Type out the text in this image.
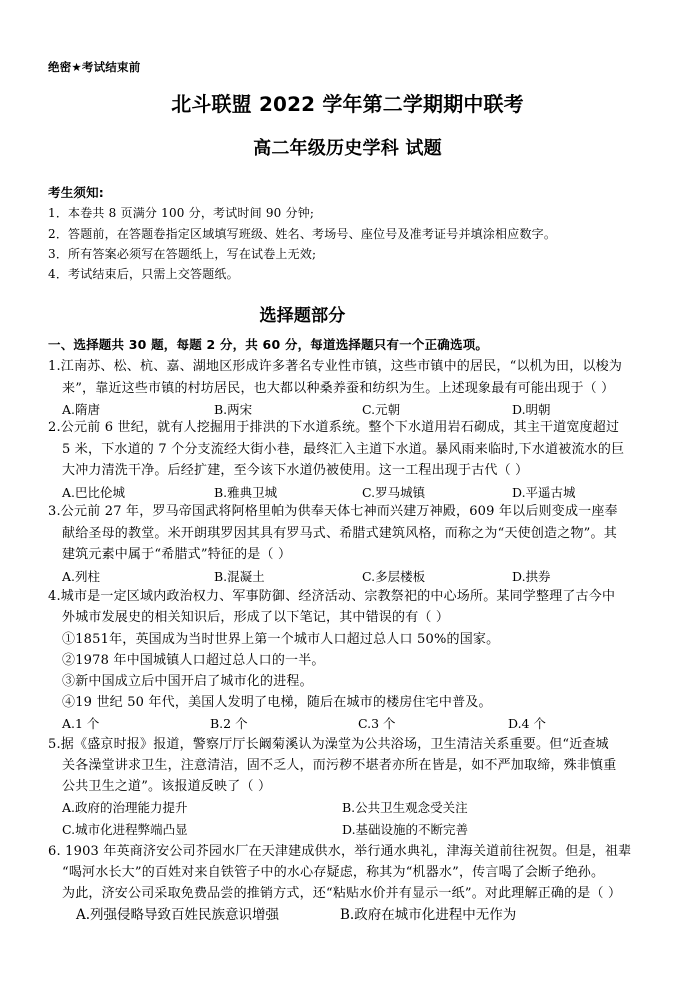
绝密★考试结束前
北斗联盟 2022 学年第二学期期中联考
高二年级历史学科 试题
考生须知:
1．本卷共 8 页满分 100 分，考试时间 90 分钟;
2．答题前，在答题卷指定区域填写班级、姓名、考场号、座位号及准考证号并填涂相应数字。
3．所有答案必须写在答题纸上，写在试卷上无效;
4．考试结束后，只需上交答题纸。
选择题部分
一、选择题共 30 题，每题 2 分，共 60 分，每道选择题只有一个正确选项。
1.江南苏、松、杭、嘉、湖地区形成许多著名专业性市镇，这些市镇中的居民，“以机为田，以梭为
来”，靠近这些市镇的村坊居民，也大都以种桑养蚕和纺织为生。上述现象最有可能出现于（ ）
A.隋唐	B.两宋	C.元朝	D.明朝
2.公元前 6 世纪，就有人挖掘用于排洪的下水道系统。整个下水道用岩石砌成，其主干道宽度超过
5 米，下水道的 7 个分支流经大街小巷，最终汇入主道下水道。暴风雨来临时,下水道被流水的巨
大冲力清洗干净。后经扩建，至今该下水道仍被使用。这一工程出现于古代（ ）
A.巴比伦城	B.雅典卫城	C.罗马城镇	D.平遥古城
3.公元前 27 年，罗马帝国武将阿格里帕为供奉天体七神而兴建万神殿，609 年以后则变成一座奉
献给圣母的教堂。米开朗琪罗因其具有罗马式、希腊式建筑风格，而称之为“天使创造之物”。其
建筑元素中属于“希腊式”特征的是（ ）
A.列柱	B.混凝土	C.多层楼板	D.拱券
4.城市是一定区域内政治权力、军事防御、经济活动、宗教祭祀的中心场所。某同学整理了古今中
外城市发展史的相关知识后，形成了以下笔记，其中错误的有（ ）
①1851年，英国成为当时世界上第一个城市人口超过总人口 50%的国家。
②1978 年中国城镇人口超过总人口的一半。
③新中国成立后中国开启了城市化的进程。
④19 世纪 50 年代，美国人发明了电梯，随后在城市的楼房住宅中普及。
A.1 个	B.2 个	C.3 个	D.4 个
5.据《盛京时报》报道，警察厅厅长阚菊溪认为澡堂为公共浴场，卫生清洁关系重要。但“近查城
关各澡堂讲求卫生，注意清洁，固不乏人，而污秽不堪者亦所在皆是，如不严加取缔，殊非慎重
公共卫生之道”。该报道反映了（ ）
A.政府的治理能力提升	B.公共卫生观念受关注
C.城市化进程弊端凸显	D.基础设施的不断完善
6. 1903 年英商济安公司芥园水厂在天津建成供水，举行通水典礼，津海关道前往祝贺。但是，祖辈
“喝河水长大”的百姓对来自铁管子中的水心存疑虑，称其为“机器水”，传言喝了会断子绝孙。
为此，济安公司采取免费品尝的推销方式，还“粘贴水价并有显示一纸”。对此理解正确的是（ ）
A.列强侵略导致百姓民族意识增强	B.政府在城市化进程中无作为
